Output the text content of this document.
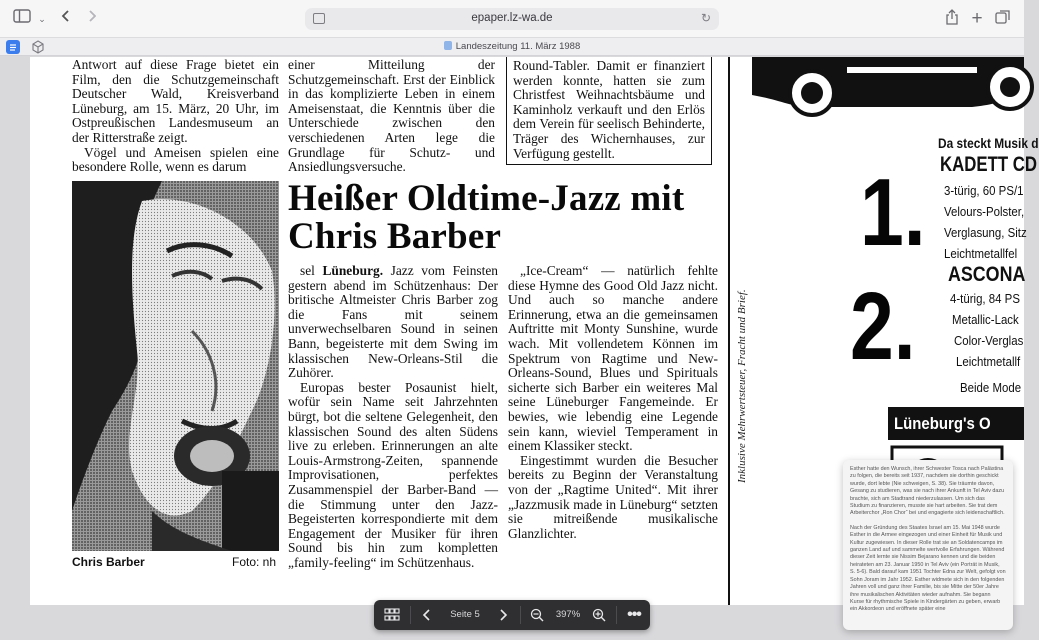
⌄	epaper.lz-wa.de	↻	+
Landeszeitung 11. März 1988

Antwort auf diese Frage bietet ein Film, den die Schutzgemeinschaft Deutscher Wald, Kreisverband Lüneburg, am 15. März, 20 Uhr, im Ostpreußischen Landesmuseum an der Ritterstraße zeigt.

Vögel und Ameisen spielen eine besondere Rolle, wenn es darum

einer Mitteilung der Schutzgemeinschaft. Erst der Einblick in das komplizierte Leben in einem Ameisenstaat, die Kenntnis über die Unterschiede zwischen den verschiedenen Arten lege die Grundlage für Schutz- und Ansiedlungsversuche.

Round-Tabler. Damit er finanziert werden konnte, hatten sie zum Christfest Weihnachtsbäume und Kaminholz verkauft und den Erlös dem Verein für seelisch Behinderte, Träger des Wichernhauses, zur Verfügung gestellt.

Heißer Oldtime-Jazz mit Chris Barber
Chris Barber	Foto: nh

sel Lüneburg. Jazz vom Feinsten gestern abend im Schützenhaus: Der britische Altmeister Chris Barber zog die Fans mit seinem unverwechselbaren Sound in seinen Bann, begeisterte mit dem Swing im klassischen New-Orleans-Stil die Zuhörer.

Europas bester Posaunist hielt, wofür sein Name seit Jahrzehnten bürgt, bot die seltene Gelegenheit, den klassischen Sound des alten Südens live zu erleben. Erinnerungen an alte Louis-Armstrong-Zeiten, spannende Improvisationen, perfektes Zusammenspiel der Barber-Band — die Stimmung unter den Jazz-Begeisterten korrespondierte mit dem Engagement der Musiker für ihren Sound bis hin zum kompletten „family-feeling“ im Schützenhaus.

„Ice-Cream“ — natürlich fehlte diese Hymne des Good Old Jazz nicht. Und auch so manche andere Erinnerung, etwa an die gemeinsamen Auftritte mit Monty Sunshine, wurde wach. Mit vollendetem Können im Spektrum von Ragtime und New-Orleans-Sound, Blues und Spirituals sicherte sich Barber ein weiteres Mal seine Lüneburger Fangemeinde. Er bewies, wie lebendig eine Legende sein kann, wieviel Temperament in einem Klassiker steckt.

Eingestimmt wurden die Besucher bereits zu Beginn der Veranstaltung von der „Ragtime United“. Mit ihrer „Jazzmusik made in Lüneburg“ setzten sie mitreißende musikalische Glanzlichter.

Inklusive Mehrwertsteuer, Fracht und Brief.
Da steckt Musik d
KADETT CD
3-türig, 60 PS/1
Velours-Polster,
Verglasung, Sitz
Leichtmetallfel
ASCONA
4-türig, 84 PS
Metallic-Lack
Color-Verglas
Leichtmetallf
Beide Mode
1.
2.
Lüneburg's O

Esther hatte den Wunsch, ihrer Schwester Tosca nach Palästina zu folgen, die bereits seit 1937, nachdem sie dorthin geschickt wurde, dort lebte (Nie schweigen, S. 38). Sie träumte davon, Gesang zu studieren, was sie nach ihrer Ankunft in Tel Aviv dazu brachte, sich am Stadtrand niederzulassen. Um sich das Studium zu finanzieren, musste sie hart arbeiten. Sie trat dem Arbeiterchor „Ron Chor“ bei und engagierte sich leidenschaftlich.

Nach der Gründung des Staates Israel am 15. Mai 1948 wurde Esther in die Armee eingezogen und einer Einheit für Musik und Kultur zugewiesen. In dieser Rolle trat sie an Soldatencamps im ganzen Land auf und sammelte wertvolle Erfahrungen. Während dieser Zeit lernte sie Nissim Bejarano kennen und die beiden heirateten am 23. Januar 1950 in Tel Aviv (ein Porträt in Musik, S. 5-6). Bald darauf kam 1951 Tochter Edna zur Welt, gefolgt von Sohn Joram im Jahr 1952. Esther widmete sich in den folgenden Jahren voll und ganz ihrer Familie, bis sie Mitte der 50er Jahre ihre musikalischen Aktivitäten wieder aufnahm. Sie begann Kurse für rhythmische Spiele in Kindergärten zu geben, erwarb ein Akkordeon und eröffnete später eine

Seite 5	397%	•••
